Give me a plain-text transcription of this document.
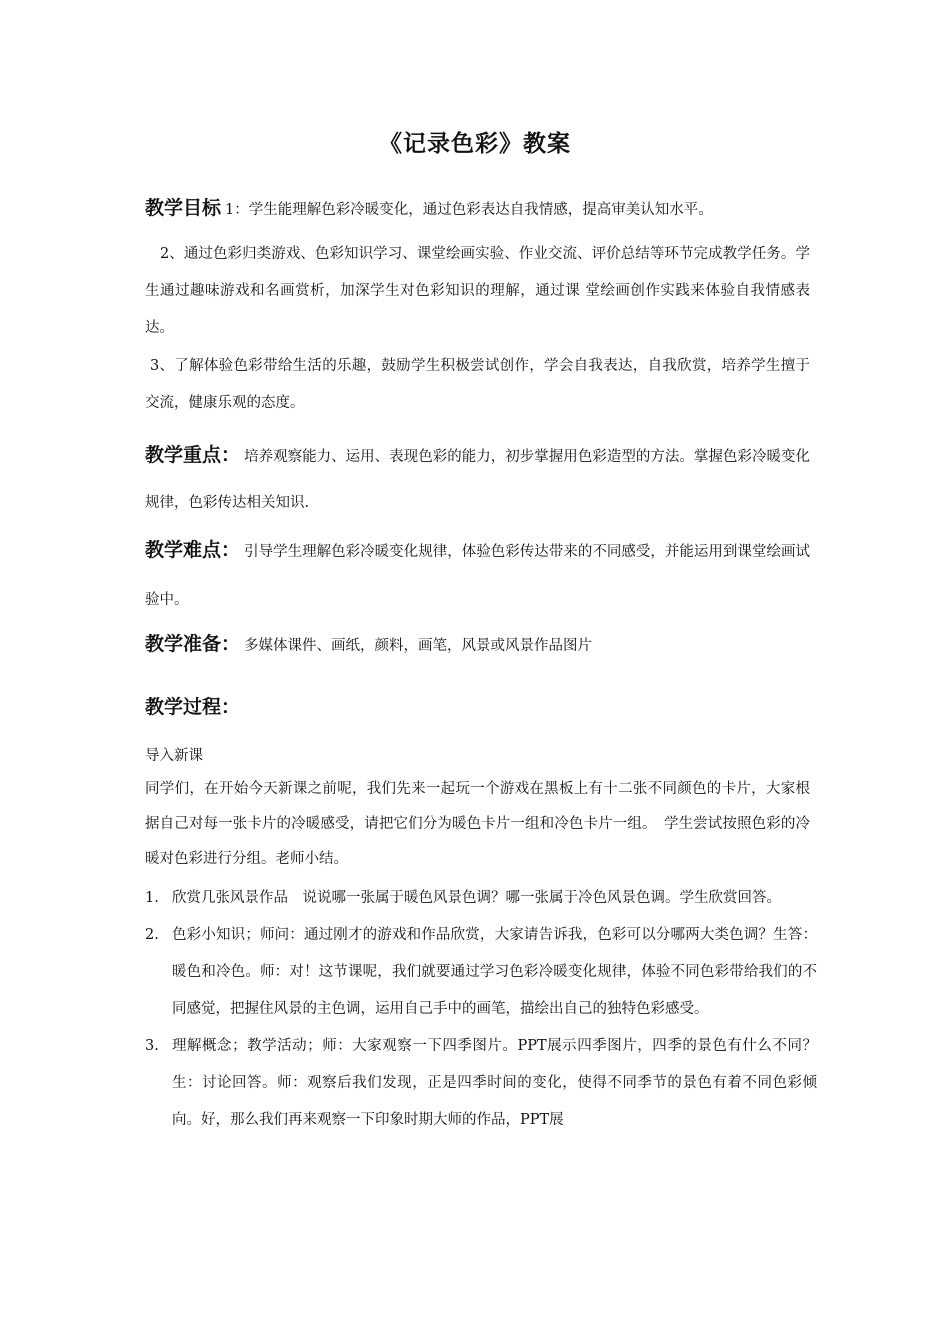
《记录色彩》教案
教学目标 1：学生能理解色彩冷暖变化，通过色彩表达自我情感，提高审美认知水平。
2、通过色彩归类游戏、色彩知识学习、课堂绘画实验、作业交流、评价总结等环节完成教学任务。学生通过趣味游戏和名画赏析，加深学生对色彩知识的理解，通过课 堂绘画创作实践来体验自我情感表达。
3、了解体验色彩带给生活的乐趣，鼓励学生积极尝试创作，学会自我表达，自我欣赏，培养学生擅于交流，健康乐观的态度。
教学重点： 培养观察能力、运用、表现色彩的能力，初步掌握用色彩造型的方法。掌握色彩冷暖变化规律，色彩传达相关知识.
教学难点： 引导学生理解色彩冷暖变化规律，体验色彩传达带来的不同感受，并能运用到课堂绘画试验中。
教学准备： 多媒体课件、画纸，颜料，画笔，风景或风景作品图片
教学过程：
导入新课
同学们，在开始今天新课之前呢，我们先来一起玩一个游戏在黑板上有十二张不同颜色的卡片，大家根据自己对每一张卡片的冷暖感受，请把它们分为暖色卡片一组和冷色卡片一组。　学生尝试按照色彩的冷暖对色彩进行分组。老师小结。
1. 欣赏几张风景作品　说说哪一张属于暖色风景色调？哪一张属于冷色风景色调。学生欣赏回答。
2. 色彩小知识；师问：通过刚才的游戏和作品欣赏，大家请告诉我，色彩可以分哪两大类色调？生答：暖色和冷色。师：对！这节课呢，我们就要通过学习色彩冷暖变化规律，体验不同色彩带给我们的不同感觉，把握住风景的主色调，运用自己手中的画笔，描绘出自己的独特色彩感受。
3. 理解概念；教学活动；师：大家观察一下四季图片。PPT展示四季图片，四季的景色有什么不同？生：讨论回答。师：观察后我们发现，正是四季时间的变化，使得不同季节的景色有着不同色彩倾向。好，那么我们再来观察一下印象时期大师的作品，PPT展
